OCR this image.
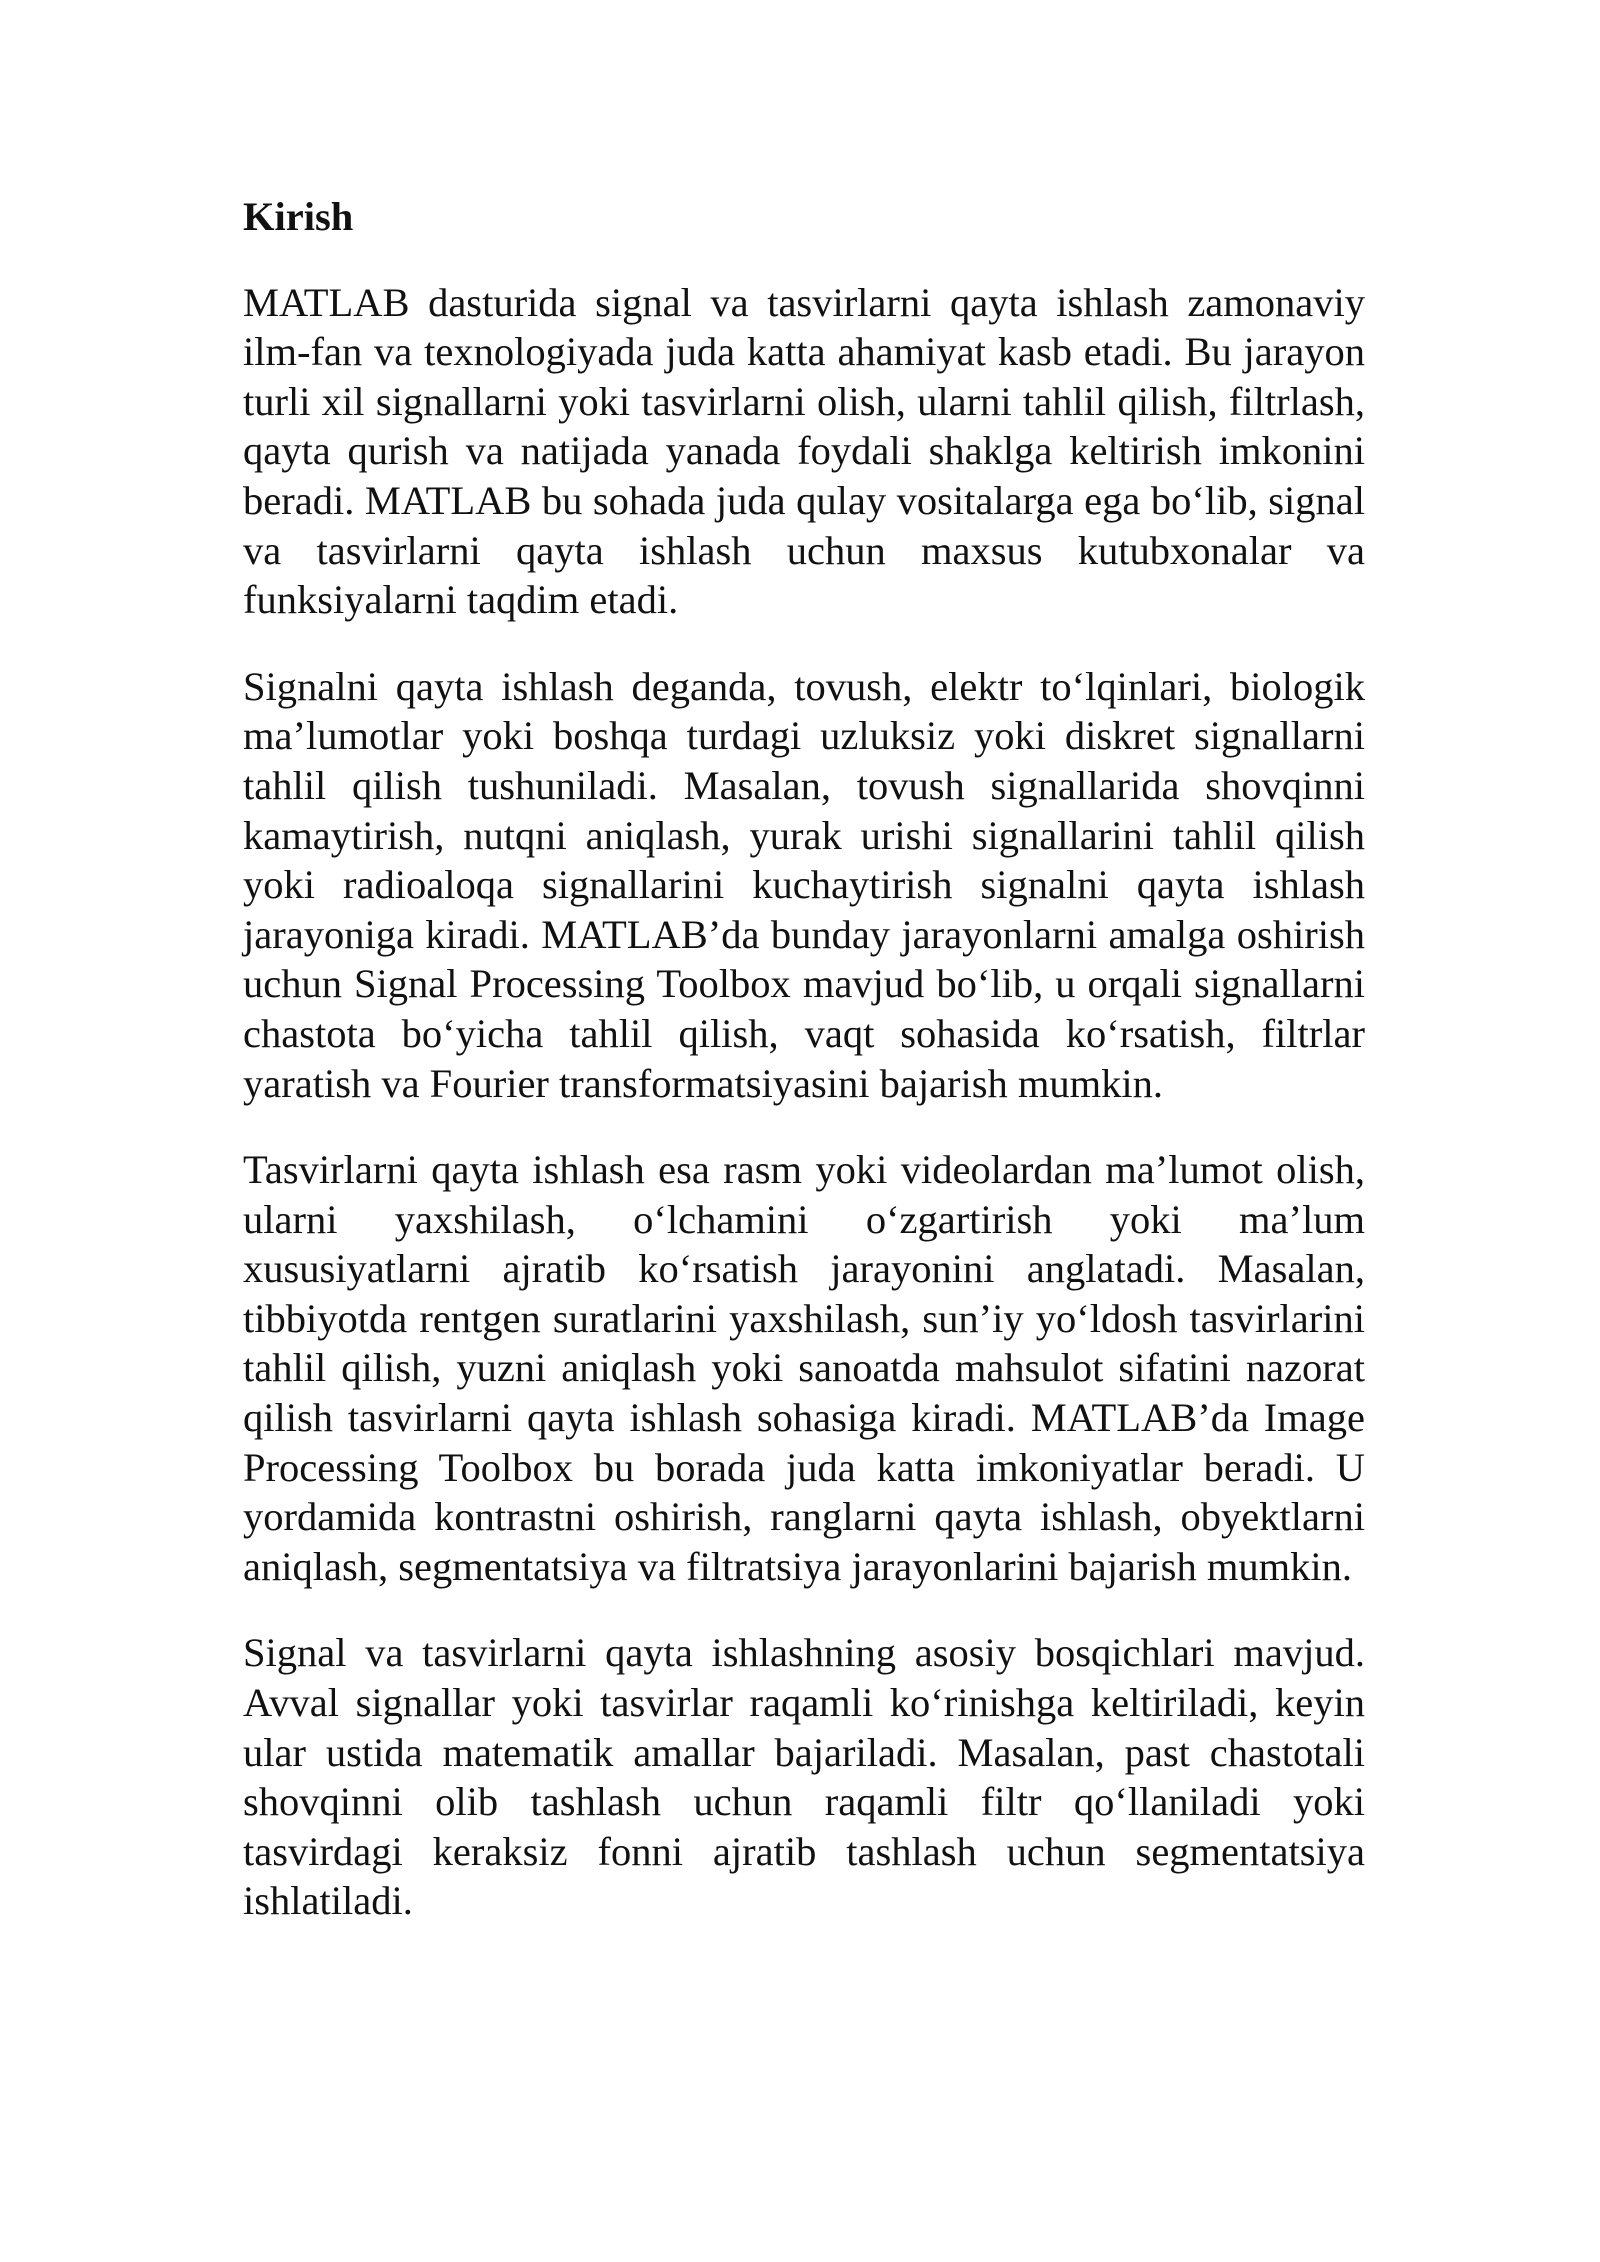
Kirish

MATLAB dasturida signal va tasvirlarni qayta ishlash zamonaviy ilm-fan va texnologiyada juda katta ahamiyat kasb etadi. Bu jarayon turli xil signallarni yoki tasvirlarni olish, ularni tahlil qilish, filtrlash, qayta qurish va natijada yanada foydali shaklga keltirish imkonini beradi. MATLAB bu sohada juda qulay vositalarga ega bo‘lib, signal va tasvirlarni qayta ishlash uchun maxsus kutubxonalar va funksiyalarni taqdim etadi.

Signalni qayta ishlash deganda, tovush, elektr to‘lqinlari, biologik ma’lumotlar yoki boshqa turdagi uzluksiz yoki diskret signallarni tahlil qilish tushuniladi. Masalan, tovush signallarida shovqinni kamaytirish, nutqni aniqlash, yurak urishi signallarini tahlil qilish yoki radioaloqa signallarini kuchaytirish signalni qayta ishlash jarayoniga kiradi. MATLAB’da bunday jarayonlarni amalga oshirish uchun Signal Processing Toolbox mavjud bo‘lib, u orqali signallarni chastota bo‘yicha tahlil qilish, vaqt sohasida ko‘rsatish, filtrlar yaratish va Fourier transformatsiyasini bajarish mumkin.

Tasvirlarni qayta ishlash esa rasm yoki videolardan ma’lumot olish, ularni yaxshilash, o‘lchamini o‘zgartirish yoki ma’lum xususiyatlarni ajratib ko‘rsatish jarayonini anglatadi. Masalan, tibbiyotda rentgen suratlarini yaxshilash, sun’iy yo‘ldosh tasvirlarini tahlil qilish, yuzni aniqlash yoki sanoatda mahsulot sifatini nazorat qilish tasvirlarni qayta ishlash sohasiga kiradi. MATLAB’da Image Processing Toolbox bu borada juda katta imkoniyatlar beradi. U yordamida kontrastni oshirish, ranglarni qayta ishlash, obyektlarni aniqlash, segmentatsiya va filtratsiya jarayonlarini bajarish mumkin.

Signal va tasvirlarni qayta ishlashning asosiy bosqichlari mavjud. Avval signallar yoki tasvirlar raqamli ko‘rinishga keltiriladi, keyin ular ustida matematik amallar bajariladi. Masalan, past chastotali shovqinni olib tashlash uchun raqamli filtr qo‘llaniladi yoki tasvirdagi keraksiz fonni ajratib tashlash uchun segmentatsiya ishlatiladi.
